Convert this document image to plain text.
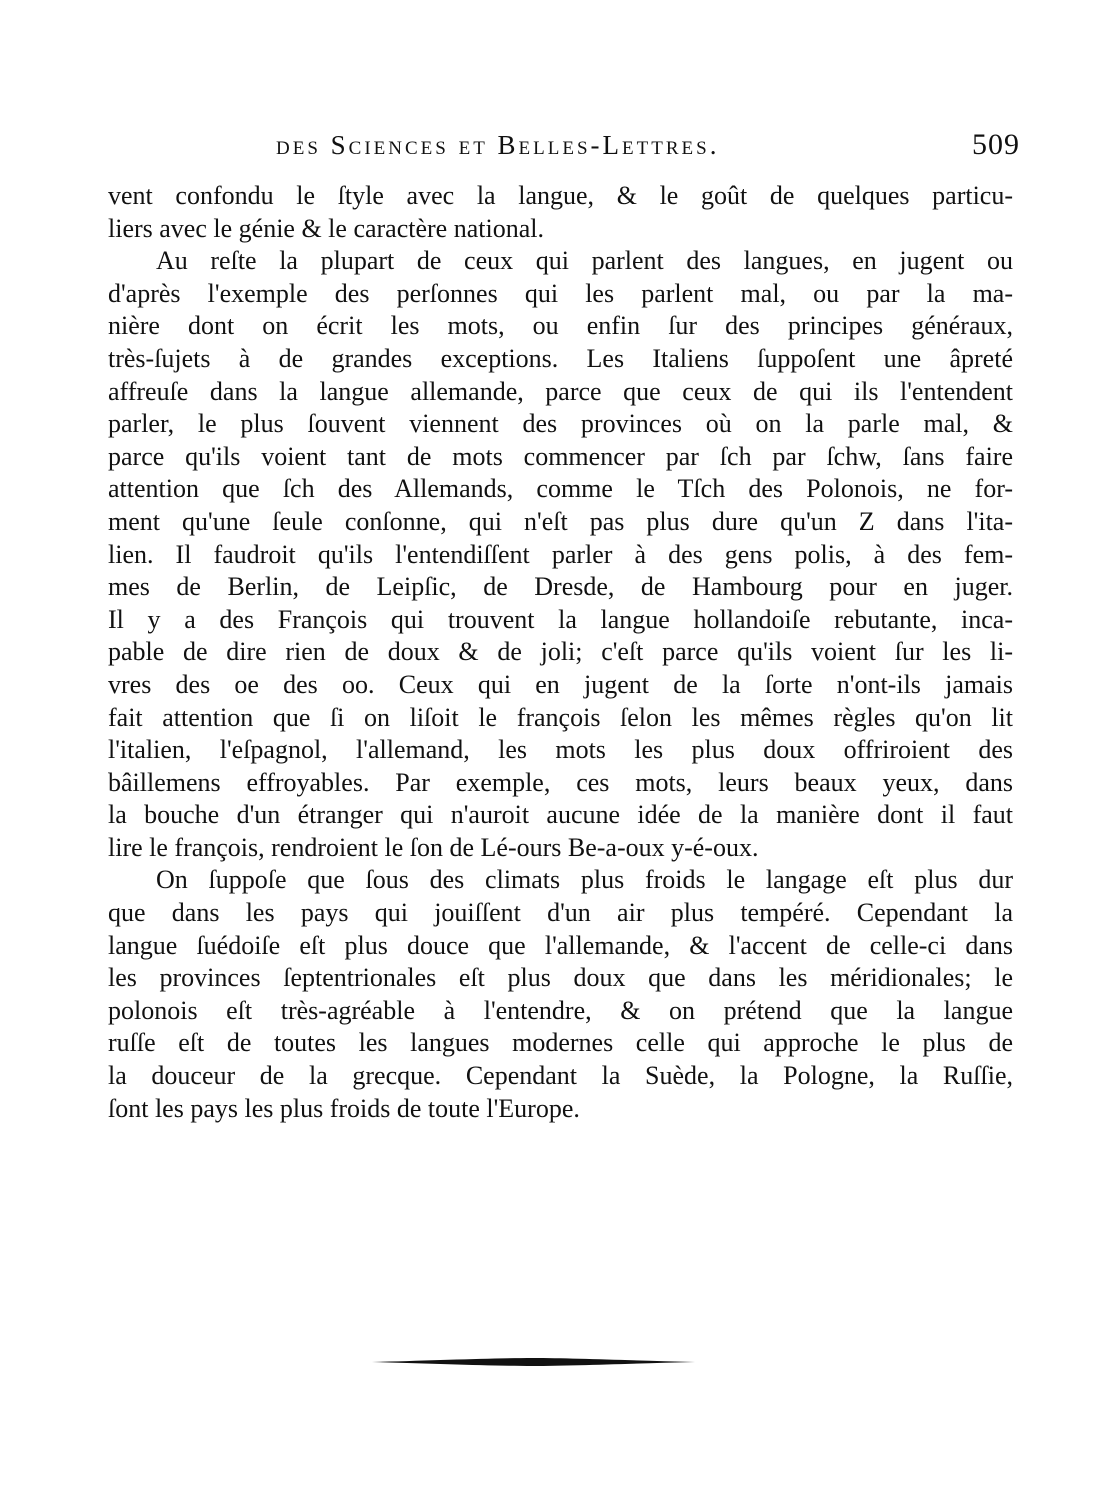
des Sciences et Belles-Lettres.	509
vent confondu le ſtyle avec la langue, & le goût de quelques particu-
liers avec le génie & le caractère national.
Au reſte la plupart de ceux qui parlent des langues, en jugent ou
d'après l'exemple des perſonnes qui les parlent mal, ou par la ma-
nière dont on écrit les mots, ou enfin ſur des principes généraux,
très-ſujets à de grandes exceptions. Les Italiens ſuppoſent une âpreté
affreuſe dans la langue allemande, parce que ceux de qui ils l'entendent
parler, le plus ſouvent viennent des provinces où on la parle mal, &
parce qu'ils voient tant de mots commencer par ſch par ſchw, ſans faire
attention que ſch des Allemands, comme le Tſch des Polonois, ne for-
ment qu'une ſeule conſonne, qui n'eſt pas plus dure qu'un Z dans l'ita-
lien. Il faudroit qu'ils l'entendiſſent parler à des gens polis, à des fem-
mes de Berlin, de Leipſic, de Dresde, de Hambourg pour en juger.
Il y a des François qui trouvent la langue hollandoiſe rebutante, inca-
pable de dire rien de doux & de joli; c'eſt parce qu'ils voient ſur les li-
vres des oe des oo. Ceux qui en jugent de la ſorte n'ont-ils jamais
fait attention que ſi on liſoit le françois ſelon les mêmes règles qu'on lit
l'italien, l'eſpagnol, l'allemand, les mots les plus doux offriroient des
bâillemens effroyables. Par exemple, ces mots, leurs beaux yeux, dans
la bouche d'un étranger qui n'auroit aucune idée de la manière dont il faut
lire le françois, rendroient le ſon de Lé-ours Be-a-oux y-é-oux.
On ſuppoſe que ſous des climats plus froids le langage eſt plus dur
que dans les pays qui jouiſſent d'un air plus tempéré. Cependant la
langue ſuédoiſe eſt plus douce que l'allemande, & l'accent de celle-ci dans
les provinces ſeptentrionales eſt plus doux que dans les méridionales; le
polonois eſt très-agréable à l'entendre, & on prétend que la langue
ruſſe eſt de toutes les langues modernes celle qui approche le plus de
la douceur de la grecque. Cependant la Suède, la Pologne, la Ruſſie,
ſont les pays les plus froids de toute l'Europe.
